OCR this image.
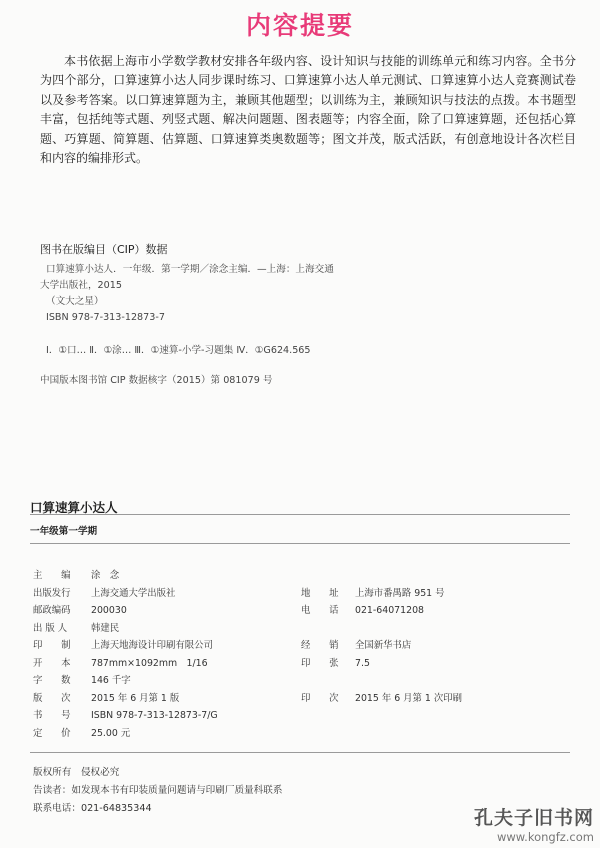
内容提要

本书依据上海市小学数学教材安排各年级内容、设计知识与技能的训练单元和练习内容。全书分为四个部分，口算速算小达人同步课时练习、口算速算小达人单元测试、口算速算小达人竞赛测试卷以及参考答案。以口算速算题为主，兼顾其他题型；以训练为主，兼顾知识与技法的点拨。本书题型丰富，包括纯等式题、列竖式题、解决问题题、图表题等；内容全面，除了口算速算题，还包括心算题、巧算题、简算题、估算题、口算速算类奥数题等；图文并茂，版式活跃，有创意地设计各次栏目和内容的编排形式。

图书在版编目（CIP）数据
口算速算小达人．一年级．第一学期／涂念主编．—上海：上海交通
大学出版社，2015
（文大之星）
ISBN 978-7-313-12873-7
Ⅰ．①口… Ⅱ．①涂… Ⅲ．①速算-小学-习题集 Ⅳ．①G624.565
中国版本图书馆 CIP 数据核字（2015）第 081079 号
口算速算小达人
一年级第一学期
主　　编 涂　念
出版发行 上海交通大学出版社	地　　址 上海市番禺路 951 号
邮政编码 200030	电　　话 021-64071208
出 版 人	韩建民
印　　制 上海天地海设计印刷有限公司	经　　销 全国新华书店
开　　本 787mm×1092mm　1/16	印　　张 7.5
字　　数 146 千字
版　　次 2015 年 6 月第 1 版	印　　次 2015 年 6 月第 1 次印刷
书　　号 ISBN 978-7-313-12873-7/G
定　　价 25.00 元
版权所有　侵权必究
告读者：如发现本书有印装质量问题请与印刷厂质量科联系
联系电话：021-64835344	孔夫子旧书网
www.kongfz.com
